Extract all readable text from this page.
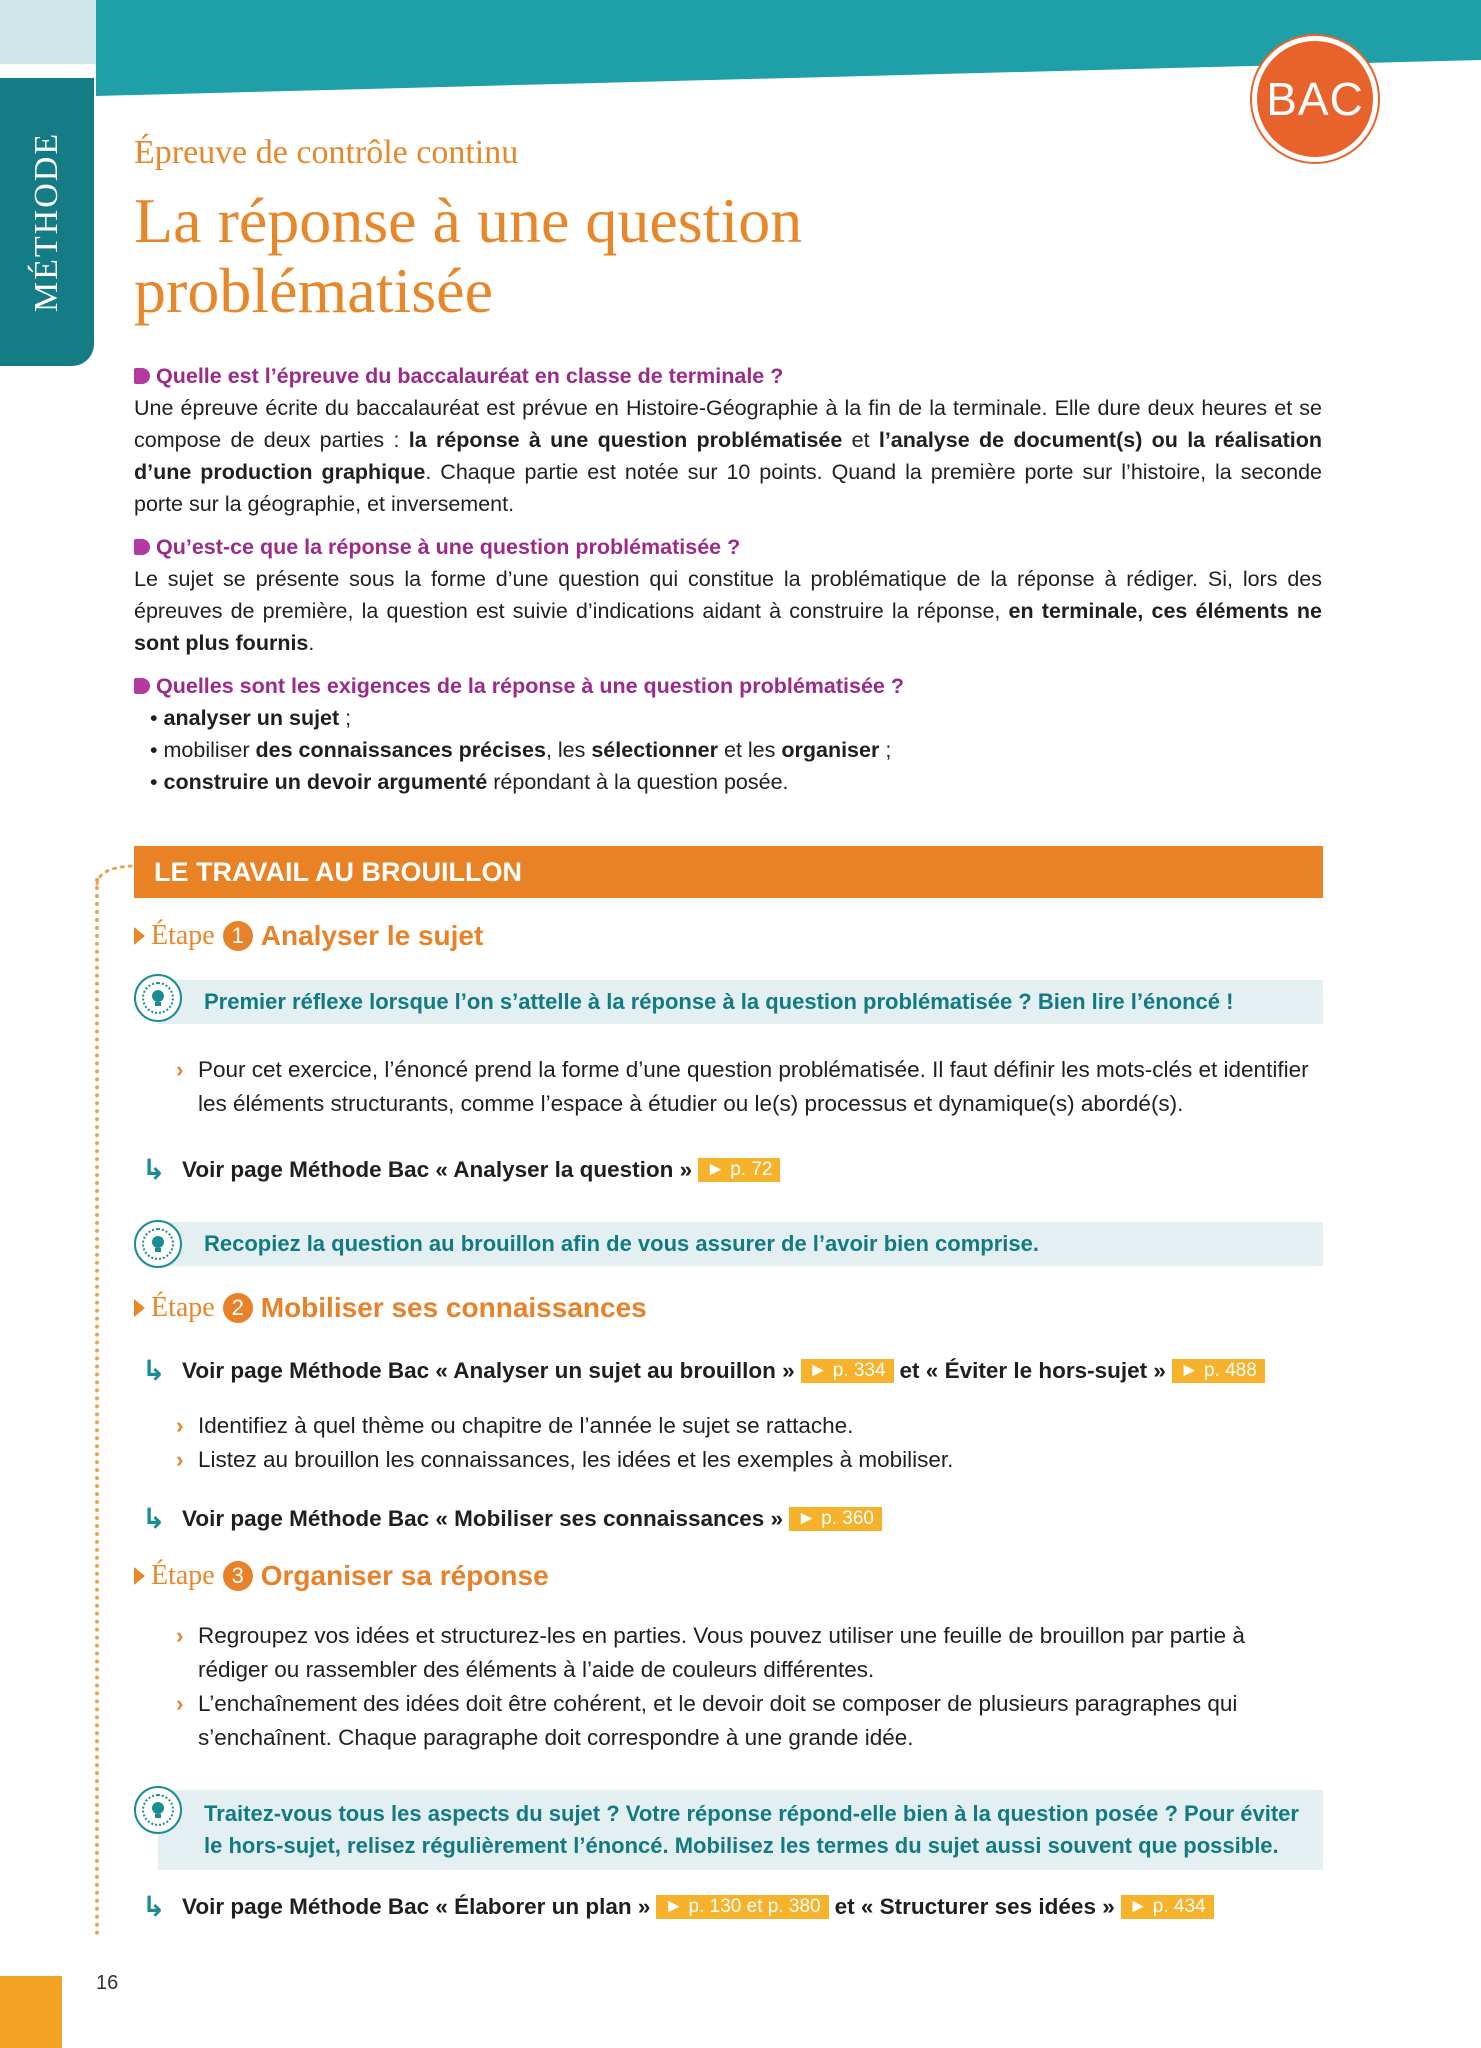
MÉTHODE
BAC
Épreuve de contrôle continu
La réponse à une question problématisée
Quelle est l’épreuve du baccalauréat en classe de terminale ?

Une épreuve écrite du baccalauréat est prévue en Histoire-Géographie à la fin de la terminale. Elle dure deux heures et se compose de deux parties : la réponse à une question problématisée et l’analyse de document(s) ou la réalisation d’une production graphique. Chaque partie est notée sur 10 points. Quand la première porte sur l’histoire, la seconde porte sur la géographie, et inversement.

Qu’est-ce que la réponse à une question problématisée ?

Le sujet se présente sous la forme d’une question qui constitue la problématique de la réponse à rédiger. Si, lors des épreuves de première, la question est suivie d’indications aidant à construire la réponse, en terminale, ces éléments ne sont plus fournis.

Quelles sont les exigences de la réponse à une question problématisée ?
• analyser un sujet ;
• mobiliser des connaissances précises, les sélectionner et les organiser ;
• construire un devoir argumenté répondant à la question posée.
LE TRAVAIL AU BROUILLON
Étape 1 Analyser le sujet
Premier réflexe lorsque l’on s’attelle à la réponse à la question problématisée ? Bien lire l’énoncé !
› Pour cet exercice, l’énoncé prend la forme d’une question problématisée. Il faut définir les mots-clés et identifier les éléments structurants, comme l’espace à étudier ou le(s) processus et dynamique(s) abordé(s).
↳ Voir page Méthode Bac « Analyser la question » ► p. 72
Recopiez la question au brouillon afin de vous assurer de l’avoir bien comprise.
Étape 2 Mobiliser ses connaissances
↳ Voir page Méthode Bac « Analyser un sujet au brouillon » ► p. 334 et « Éviter le hors-sujet » ► p. 488
› Identifiez à quel thème ou chapitre de l’année le sujet se rattache.
› Listez au brouillon les connaissances, les idées et les exemples à mobiliser.
↳ Voir page Méthode Bac « Mobiliser ses connaissances » ► p. 360
Étape 3 Organiser sa réponse
› Regroupez vos idées et structurez-les en parties. Vous pouvez utiliser une feuille de brouillon par partie à rédiger ou rassembler des éléments à l’aide de couleurs différentes.
› L’enchaînement des idées doit être cohérent, et le devoir doit se composer de plusieurs paragraphes qui s’enchaînent. Chaque paragraphe doit correspondre à une grande idée.
Traitez-vous tous les aspects du sujet ? Votre réponse répond-elle bien à la question posée ? Pour éviter le hors-sujet, relisez régulièrement l’énoncé. Mobilisez les termes du sujet aussi souvent que possible.
↳ Voir page Méthode Bac « Élaborer un plan » ► p. 130 et p. 380 et « Structurer ses idées » ► p. 434
16
